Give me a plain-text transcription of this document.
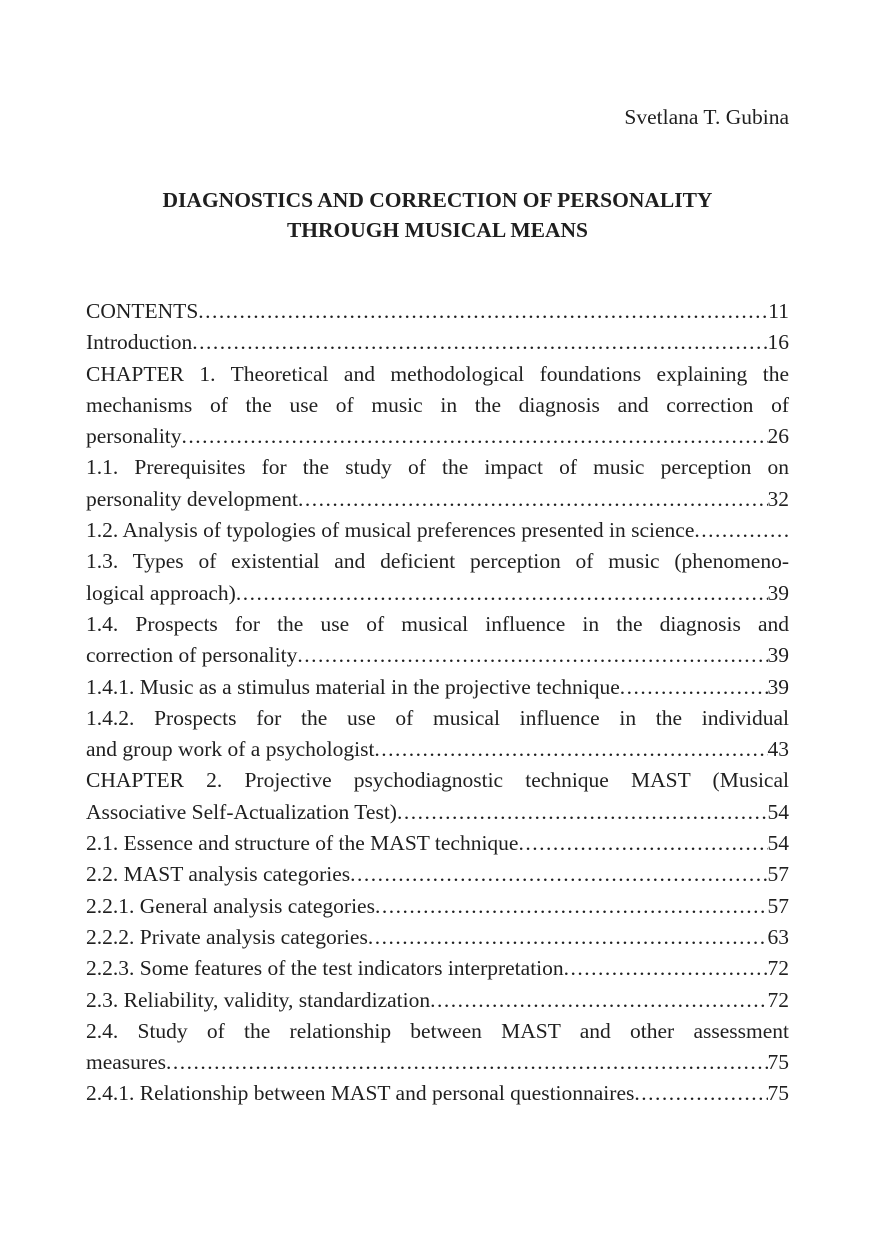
Svetlana T. Gubina
DIAGNOSTICS AND CORRECTION OF PERSONALITY
THROUGH MUSICAL MEANS
CONTENTS .....	11
Introduction .....	16
CHAPTER 1. Theoretical and methodological foundations explaining the mechanisms of the use of music in the diagnosis and correction of
personality .....	26
1.1. Prerequisites for the study of the impact of music perception on
personality development .....	32
1.2. Analysis of typologies of musical preferences presented in science
.....
1.3. Types of existential and deficient perception of music (phenomeno-
logical approach) .....	39
1.4. Prospects for the use of musical influence in the diagnosis and
correction of personality .....	39
1.4.1. Music as a stimulus material in the projective technique .....	39
1.4.2. Prospects for the use of musical influence in the individual
and group work of a psychologist .....	43
CHAPTER 2. Projective psychodiagnostic technique MAST (Musical
Associative Self-Actualization Test) .....	54
2.1. Essence and structure of the MAST technique .....	54
2.2. MAST analysis categories .....	57
2.2.1. General analysis categories .....	57
2.2.2. Private analysis categories .....	63
2.2.3. Some features of the test indicators interpretation .....	72
2.3. Reliability, validity, standardization .....	72
2.4. Study of the relationship between MAST and other assessment
measures .....	75
2.4.1. Relationship between MAST and personal questionnaires .....	75
